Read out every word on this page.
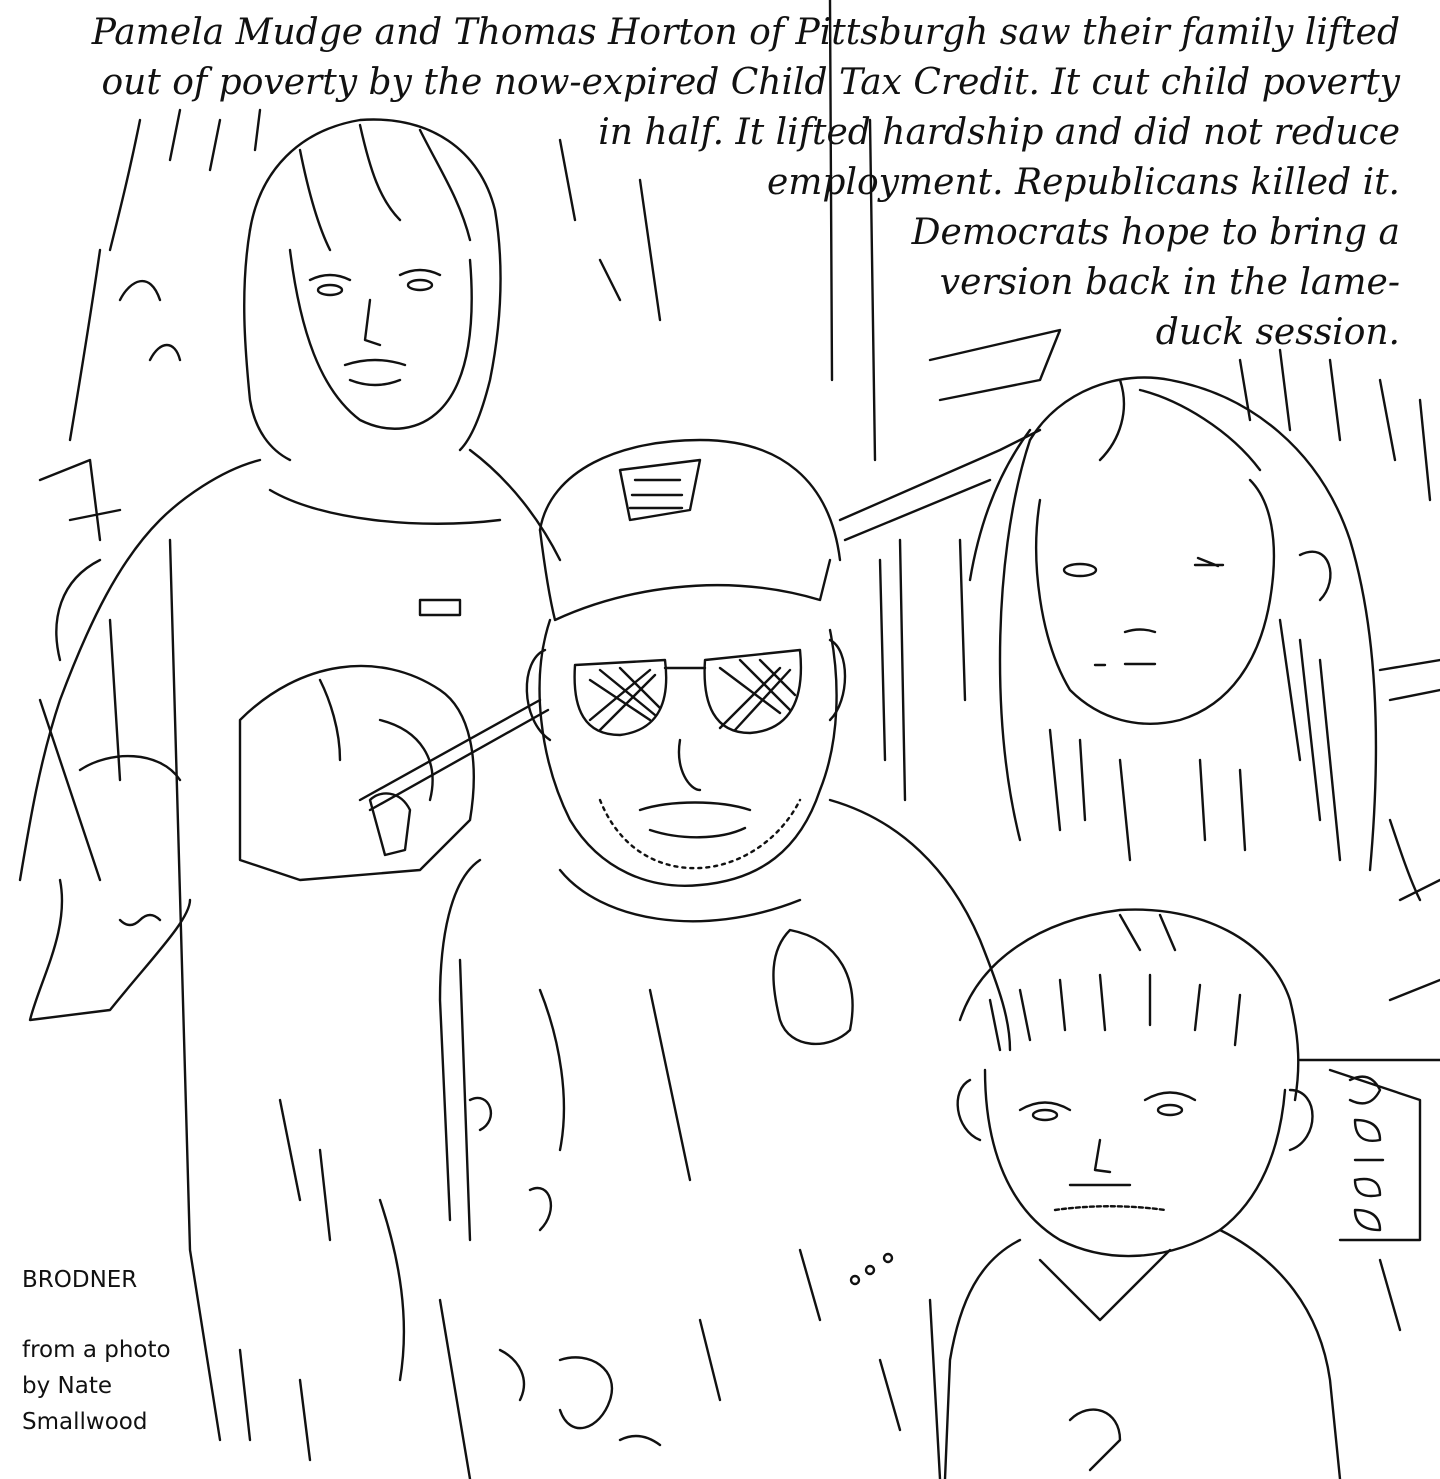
Pamela Mudge and Thomas Horton of Pittsburgh saw their family lifted
out of poverty by the now-expired Child Tax Credit. It cut child poverty
in half. It lifted hardship and did not reduce
employment. Republicans killed it.
Democrats hope to bring a
version back in the lame-
duck session.
BRODNER
from a photo
by Nate
Smallwood
